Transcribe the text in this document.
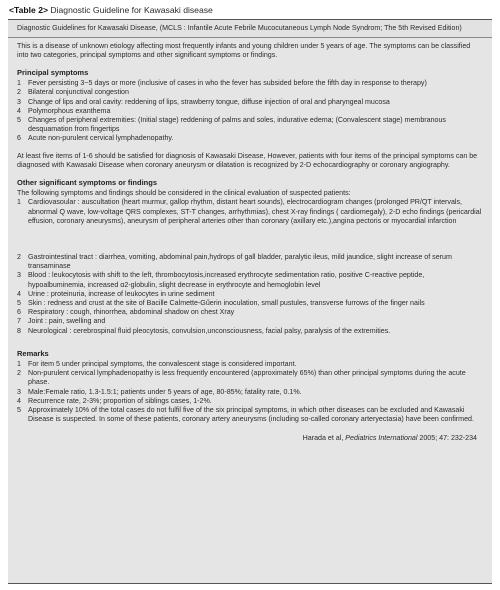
<Table 2> Diagnostic Guideline for Kawasaki disease
Diagnostic Guidelines for Kawasaki Disease, (MCLS : Infantile Acute Febrile Mucocutaneous Lymph Node Syndrom; The 5th Revised Edition)

This is a disease of unknown etiology affecting most frequently infants and young children under 5 years of age. The symptoms can be classified into two categories, principal symptoms and other significant symptoms or findings.

Principal symptoms
1 Fever persisting 3~5 days or more (inclusive of cases in who the fever has subsided before the fifth day in response to therapy)
2 Bilateral conjunctival congestion
3 Change of lips and oral cavity: reddening of lips, strawberry tongue, diffuse injection of oral and pharyngeal mucosa
4 Polymorphous exanthema
5 Changes of peripheral extremities: (Initial stage) reddening of palms and soles, indurative edema; (Convalescent stage) membranous desquamation from fingertips
6 Acute non-purulent cervical lymphadenopathy.

At least five items of 1-6 should be satisfied for diagnosis of Kawasaki Disease, However, patients with four items of the principal symptoms can be diagnosed with Kawasaki Disease when coronary aneurysm or dilatation is recognized by 2-D echocardiography or coronary angiography.

Other significant symptoms or findings
The following symptoms and findings should be considered in the clinical evaluation of suspected patients:
1 Cardiovasoular : auscultation (heart murmur, gallop rhythm, distant heart sounds), electrocardiogram changes (prolonged PR/QT intervals, abnormal Q wave, low-voltage QRS complexes, ST-T changes, arrhythmias), chest X-ray findings ( cardiomegaly), 2-D echo findings (pericardial effusion, coronary aneurysms), aneurysm of peripheral arteries other than coronary (axillary etc.),angina pectoris or myocardial infarction
2 Gastrointestinal tract : diarrhea, vomiting, abdominal pain,hydrops of gall bladder, paralytic ileus, mild jaundice, slight increase of serum transaminase
3 Blood : leukocytosis with shift to the left, thrombocytosis,increased erythrocyte sedimentation ratio, positive C-reactive peptide, hypoalbuminemia, increased α2-globulin, slight decrease in erythrocyte and hemoglobin level
4 Urine : proteinuria, increase of leukocytes in urine sediment
5 Skin : redness and crust at the site of Bacille Calmette-Gűerin inoculation, small pustules, transverse furrows of the finger nails
6 Respiratory : cough, rhinorrhea, abdominal shadow on chest Xray
7 Joint : pain, swelling and
8 Neurological : cerebrospinal fluid pleocytosis, convulsion,unconsciousness, facial palsy, paralysis of the extremities.
Remarks
1 For item 5 under principal symptoms, the convalescent stage is considered important.
2 Non-purulent cervical lymphadenopathy is less frequently encountered (approximately 65%) than other principal symptoms during the acute phase.
3 Male:Female ratio, 1.3-1.5:1; patients under 5 years of age, 80-85%; fatality rate, 0.1%.
4 Recurrence rate, 2-3%; proportion of siblings cases, 1-2%.
5 Approximately 10% of the total cases do not fulfil five of the six principal symptoms, in which other diseases can be excluded and Kawasaki Disease is suspected. In some of these patients, coronary artery aneurysms (including so-called coronary arteryectasia) have been confirmed.
Harada et al, Pediatrics International 2005; 47: 232-234
